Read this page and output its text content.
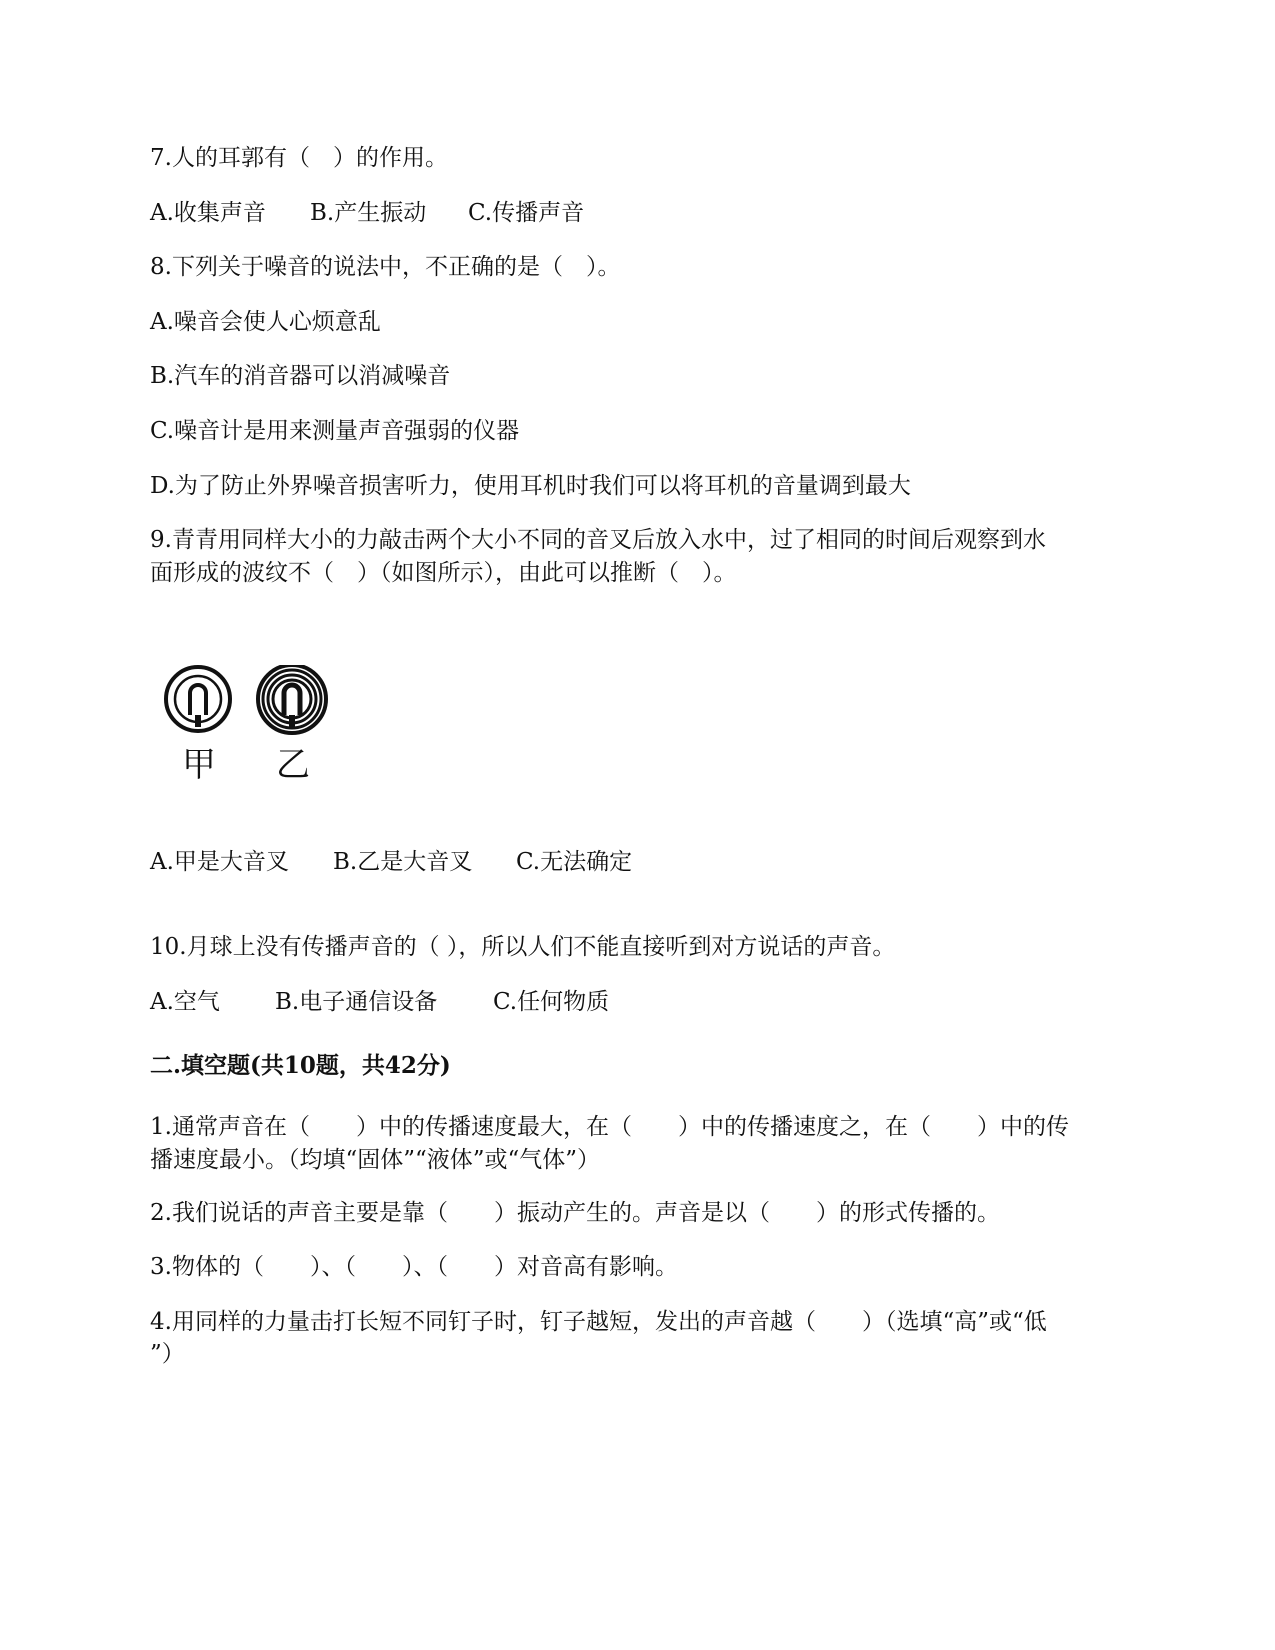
7.人的耳郭有（　）的作用。
A.收集声音	B.产生振动	C.传播声音
8.下列关于噪音的说法中，不正确的是（　）。
A.噪音会使人心烦意乱
B.汽车的消音器可以消减噪音
C.噪音计是用来测量声音强弱的仪器
D.为了防止外界噪音损害听力，使用耳机时我们可以将耳机的音量调到最大
9.青青用同样大小的力敲击两个大小不同的音叉后放入水中，过了相同的时间后观察到水
面形成的波纹不（　）（如图所示），由此可以推断（　）。
甲 乙
A.甲是大音叉	B.乙是大音叉	C.无法确定
10.月球上没有传播声音的（ ），所以人们不能直接听到对方说话的声音。
A.空气	B.电子通信设备	C.任何物质
二.填空题(共10题，共42分)
1.通常声音在（　　）中的传播速度最大，在（　　）中的传播速度之，在（　　）中的传
播速度最小。（均填“固体”“液体”或“气体”）
2.我们说话的声音主要是靠（　　）振动产生的。声音是以（　　）的形式传播的。
3.物体的（　　）、（　　）、（　　）对音高有影响。
4.用同样的力量击打长短不同钉子时，钉子越短，发出的声音越（　　）（选填“高”或“低
”）
